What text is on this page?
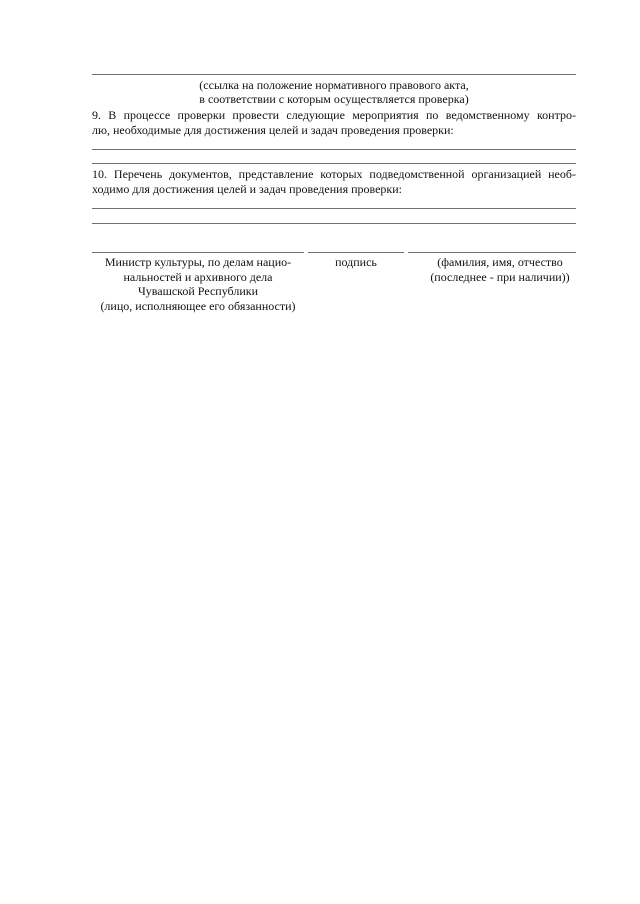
(ссылка на положение нормативного правового акта,
в соответствии с которым осуществляется проверка)
9. В процессе проверки провести следующие мероприятия по ведомственному контро-
лю, необходимые для достижения целей и задач проведения проверки:
10. Перечень документов, представление которых подведомственной организацией необ-
ходимо для достижения целей и задач проведения проверки:
Министр культуры, по делам нацио-
нальностей и архивного дела
Чувашской Республики
(лицо, исполняющее его обязанности)
подпись	(фамилия, имя, отчество
(последнее - при наличии))
